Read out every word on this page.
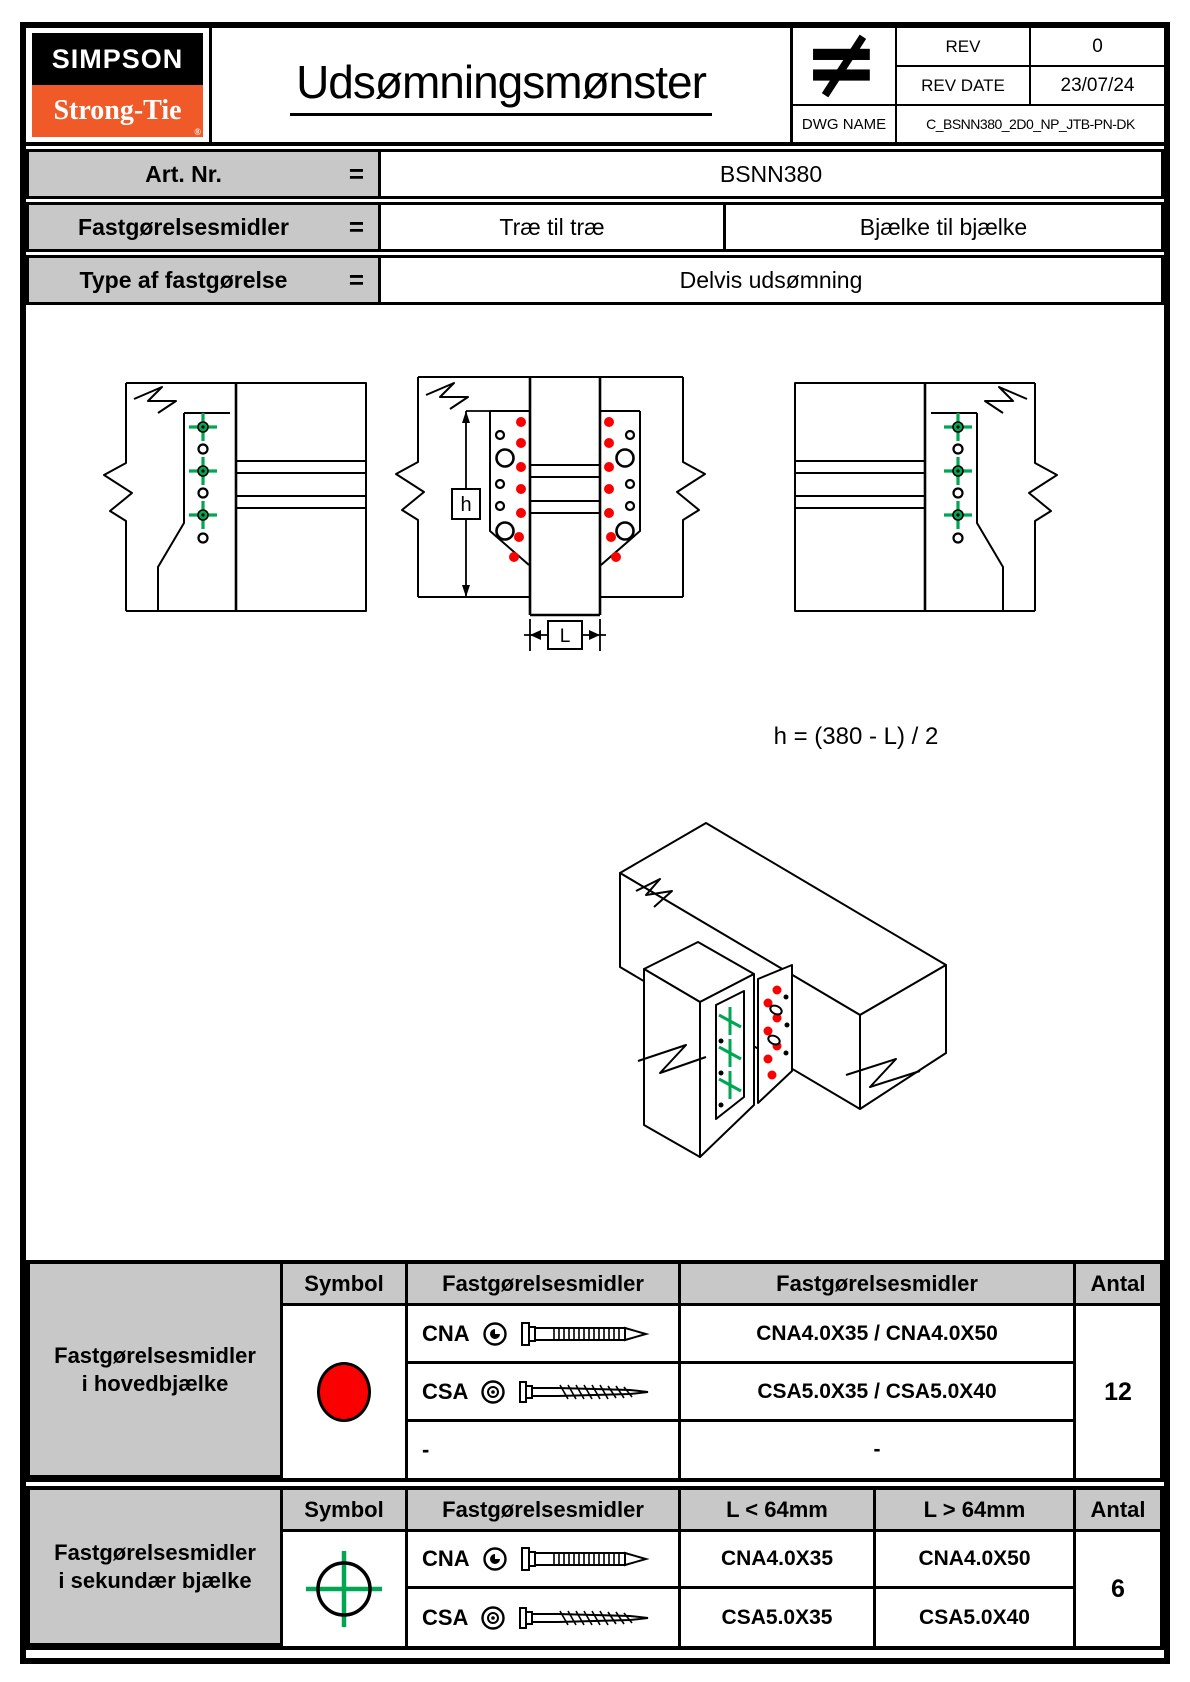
SIMPSON
Strong-Tie
®
Udsømningsmønster
REV	0
REV DATE	23/07/24
DWG NAME	C_BSNN380_2D0_NP_JTB-PN-DK
Art. Nr.	=	BSNN380
Fastgørelsesmidler =	Træ til træ	Bjælke til bjælke
Type af fastgørelse =	Delvis udsømning
h
L
h = (380 - L) / 2
Fastgørelsesmidler
i hovedbjælke
Symbol	Fastgørelsesmidler	Fastgørelsesmidler	Antal
CNA	CNA4.0X35 / CNA4.0X50
CSA	CSA5.0X35 / CSA5.0X40
-	-
12
Fastgørelsesmidler
i sekundær bjælke
Symbol	Fastgørelsesmidler	L < 64mm	L > 64mm	Antal
CNA	CNA4.0X35	CNA4.0X50
CSA	CSA5.0X35	CSA5.0X40
6
